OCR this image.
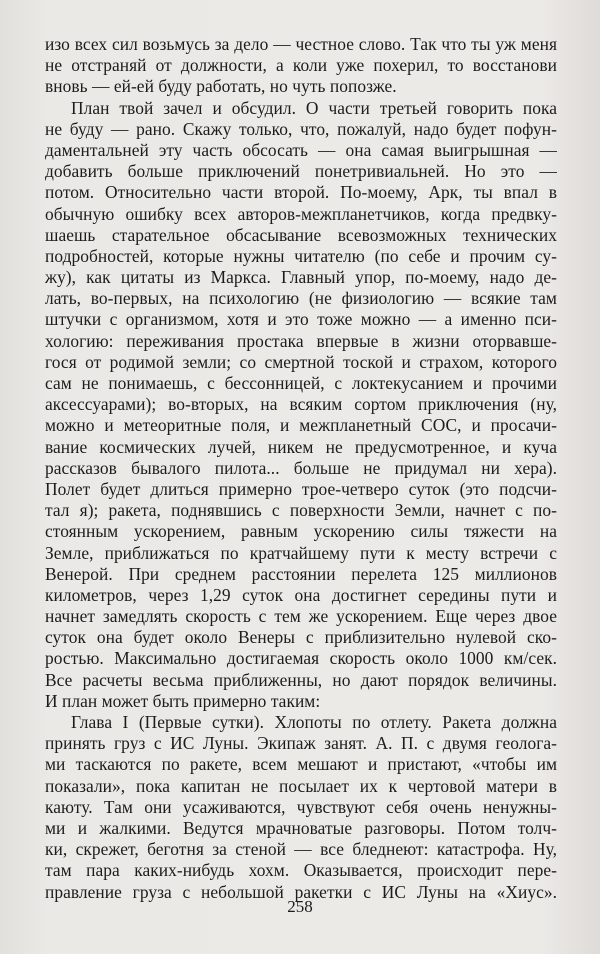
изо всех сил возьмусь за дело — честное слово. Так что ты уж меня
не отстраняй от должности, а коли уже похерил, то восстанови
вновь — ей-ей буду работать, но чуть попозже.
План твой зачел и обсудил. О части третьей говорить пока
не буду — рано. Скажу только, что, пожалуй, надо будет пофун-
даментальней эту часть обсосать — она самая выигрышная —
добавить больше приключений понетривиальней. Но это —
потом. Относительно части второй. По-моему, Арк, ты впал в
обычную ошибку всех авторов-межпланетчиков, когда предвку-
шаешь старательное обсасывание всевозможных технических
подробностей, которые нужны читателю (по себе и прочим су-
жу), как цитаты из Маркса. Главный упор, по-моему, надо де-
лать, во-первых, на психологию (не физиологию — всякие там
штучки с организмом, хотя и это тоже можно — а именно пси-
хологию: переживания простака впервые в жизни оторвавше-
гося от родимой земли; со смертной тоской и страхом, которого
сам не понимаешь, с бессонницей, с локтекусанием и прочими
аксессуарами); во-вторых, на всяким сортом приключения (ну,
можно и метеоритные поля, и межпланетный СОС, и просачи-
вание космических лучей, никем не предусмотренное, и куча
рассказов бывалого пилота... больше не придумал ни хера).
Полет будет длиться примерно трое-четверо суток (это подсчи-
тал я); ракета, поднявшись с поверхности Земли, начнет с по-
стоянным ускорением, равным ускорению силы тяжести на
Земле, приближаться по кратчайшему пути к месту встречи с
Венерой. При среднем расстоянии перелета 125 миллионов
километров, через 1,29 суток она достигнет середины пути и
начнет замедлять скорость с тем же ускорением. Еще через двое
суток она будет около Венеры с приблизительно нулевой ско-
ростью. Максимально достигаемая скорость около 1000 км/сек.
Все расчеты весьма приближенны, но дают порядок величины.
И план может быть примерно таким:
Глава I (Первые сутки). Хлопоты по отлету. Ракета должна
принять груз с ИС Луны. Экипаж занят. А. П. с двумя геолога-
ми таскаются по ракете, всем мешают и пристают, «чтобы им
показали», пока капитан не посылает их к чертовой матери в
каюту. Там они усаживаются, чувствуют себя очень ненужны-
ми и жалкими. Ведутся мрачноватые разговоры. Потом толч-
ки, скрежет, беготня за стеной — все бледнеют: катастрофа. Ну,
там пара каких-нибудь хохм. Оказывается, происходит пере-
правление груза с небольшой ракетки с ИС Луны на «Хиус».
258
